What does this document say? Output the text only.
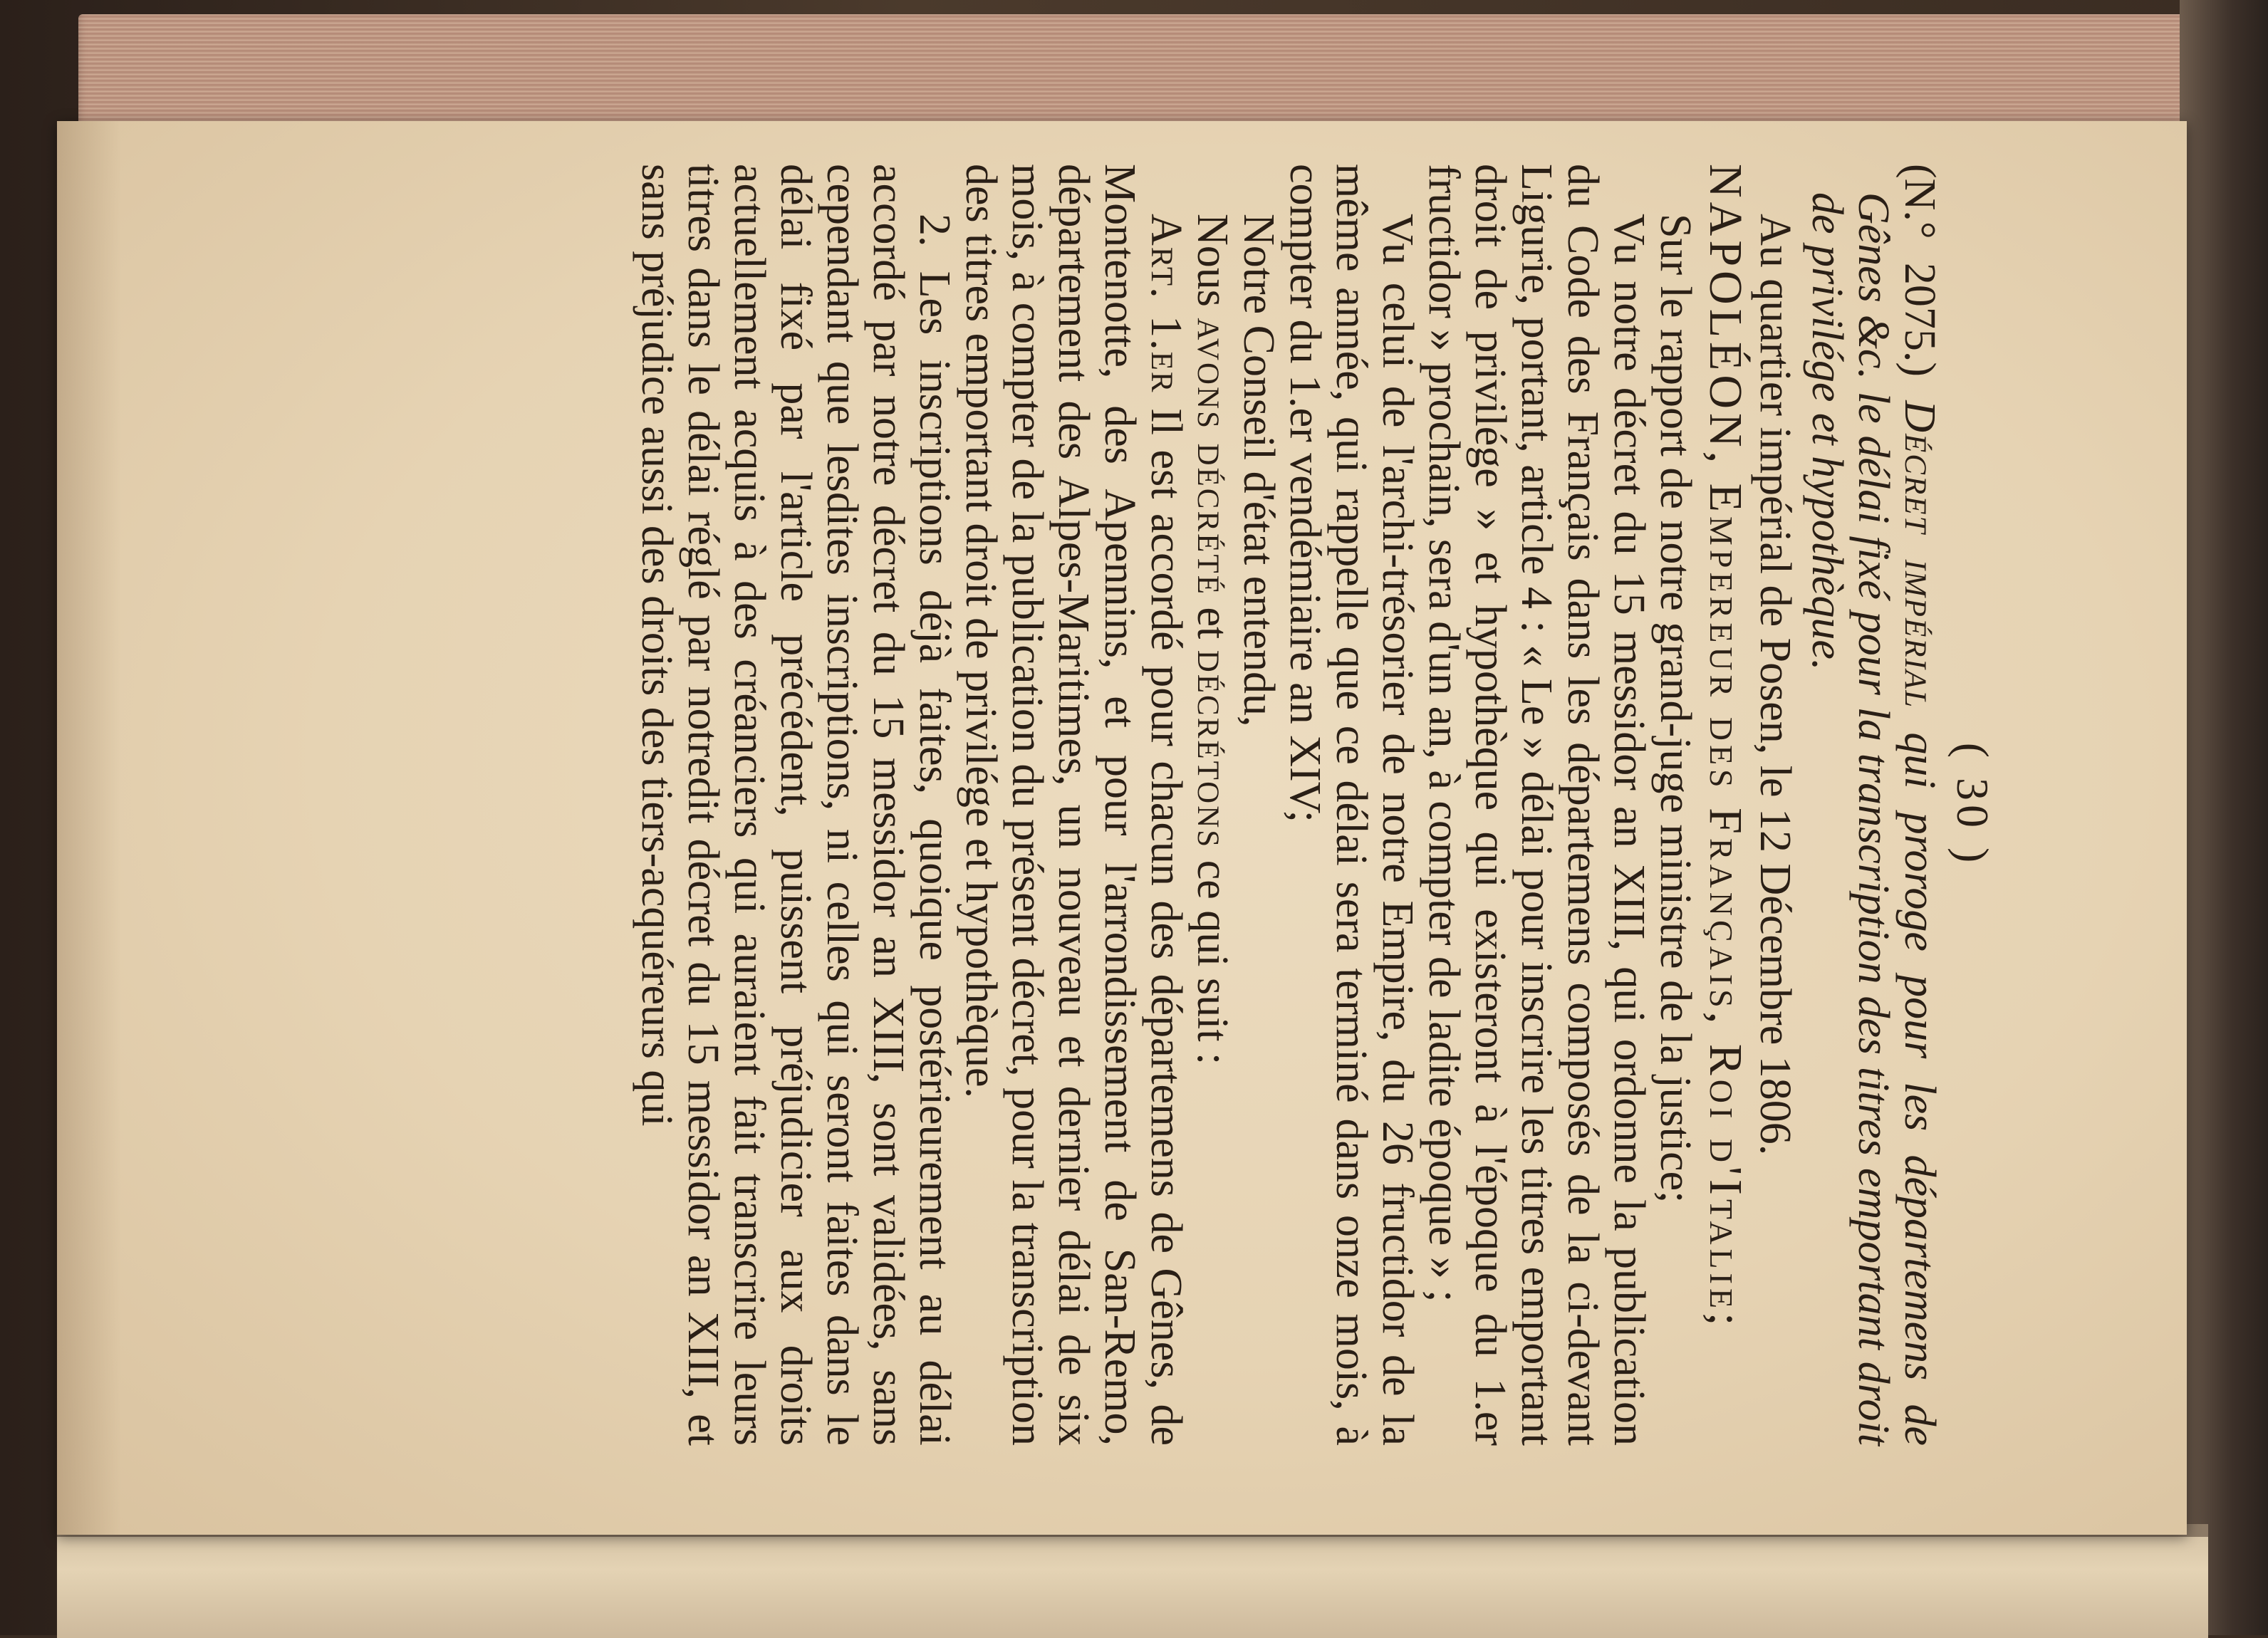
( 30 )

(N.° 2075.) Décret impérial qui proroge pour les départemens de Gênes &c. le délai fixé pour la transcription des titres emportant droit de privilége et hypothèque.

Au quartier impérial de Posen, le 12 Décembre 1806.

NAPOLÉON, Empereur des Français, Roi d'Italie;

Sur le rapport de notre grand-juge ministre de la justice;

Vu notre décret du 15 messidor an XIII, qui ordonne la publication du Code des Français dans les départemens composés de la ci-devant Ligurie, portant, article 4 : « Le » délai pour inscrire les titres emportant droit de privilége » et hypothèque qui existeront à l'époque du 1.er fructidor » prochain, sera d'un an, à compter de ladite époque » ;

Vu celui de l'archi-trésorier de notre Empire, du 26 fructidor de la même année, qui rappelle que ce délai sera terminé dans onze mois, à compter du 1.er vendémiaire an XIV;

Notre Conseil d'état entendu,

Nous avons décrété et décrétons ce qui suit :

Art. 1.er Il est accordé pour chacun des départemens de Gênes, de Montenotte, des Apennins, et pour l'arrondissement de San-Remo, département des Alpes-Maritimes, un nouveau et dernier délai de six mois, à compter de la publication du présent décret, pour la transcription des titres emportant droit de privilége et hypothèque.

2. Les inscriptions déjà faites, quoique postérieurement au délai accordé par notre décret du 15 messidor an XIII, sont validées, sans cependant que lesdites inscriptions, ni celles qui seront faites dans le délai fixé par l'article précédent, puissent préjudicier aux droits actuellement acquis à des créanciers qui auraient fait transcrire leurs titres dans le délai réglé par notredit décret du 15 messidor an XIII, et sans préjudice aussi des droits des tiers-acquéreurs qui
